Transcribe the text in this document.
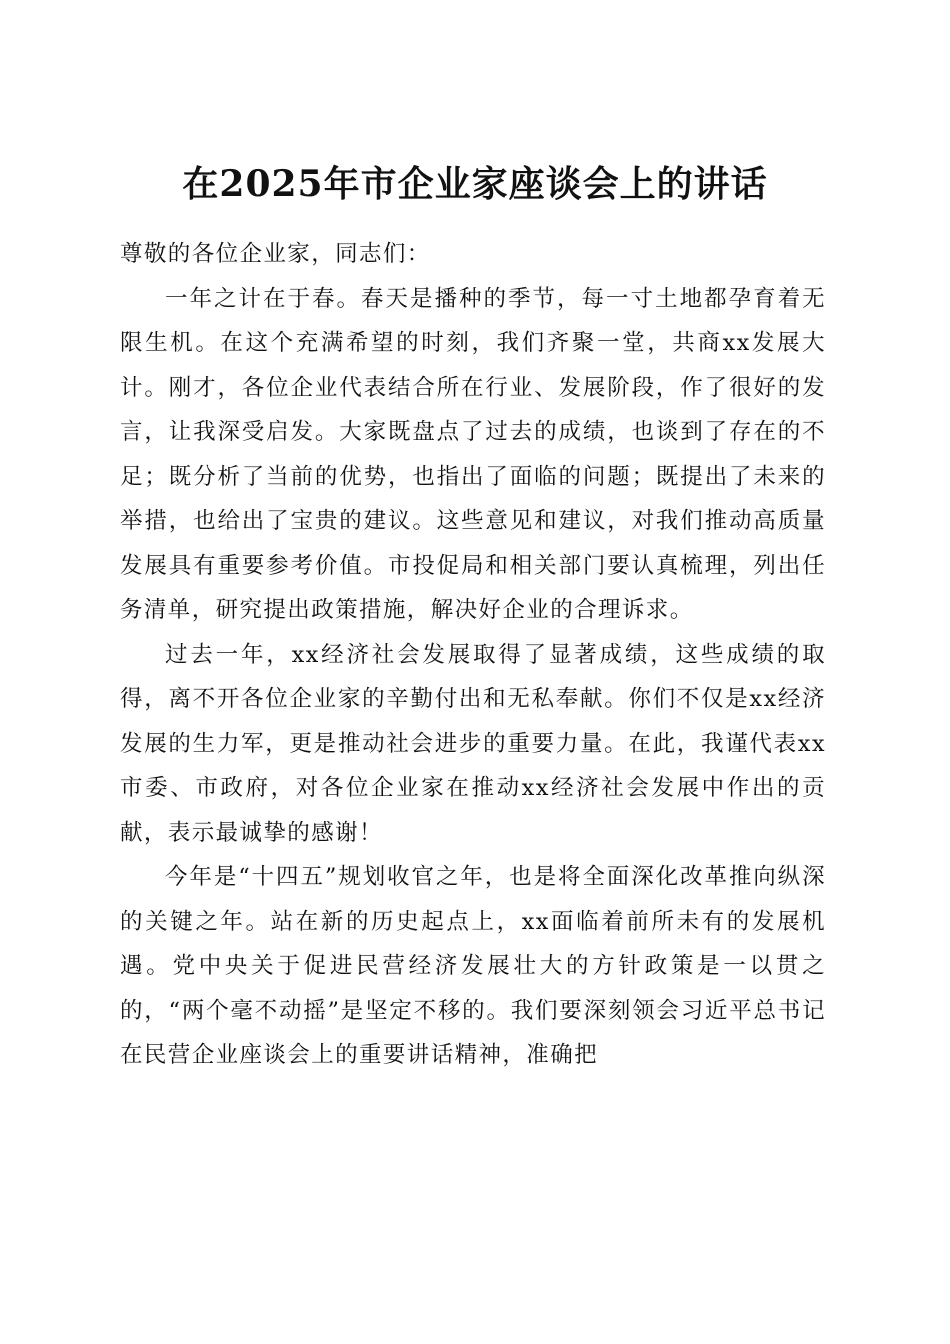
在2025年市企业家座谈会上的讲话

尊敬的各位企业家，同志们：

一年之计在于春。春天是播种的季节，每一寸土地都孕育着无限生机。在这个充满希望的时刻，我们齐聚一堂，共商xx发展大计。刚才，各位企业代表结合所在行业、发展阶段，作了很好的发言，让我深受启发。大家既盘点了过去的成绩，也谈到了存在的不足；既分析了当前的优势，也指出了面临的问题；既提出了未来的举措，也给出了宝贵的建议。这些意见和建议，对我们推动高质量发展具有重要参考价值。市投促局和相关部门要认真梳理，列出任务清单，研究提出政策措施，解决好企业的合理诉求。

过去一年，xx经济社会发展取得了显著成绩，这些成绩的取得，离不开各位企业家的辛勤付出和无私奉献。你们不仅是xx经济发展的生力军，更是推动社会进步的重要力量。在此，我谨代表xx市委、市政府，对各位企业家在推动xx经济社会发展中作出的贡献，表示最诚挚的感谢！

今年是“十四五”规划收官之年，也是将全面深化改革推向纵深的关键之年。站在新的历史起点上，xx面临着前所未有的发展机遇。党中央关于促进民营经济发展壮大的方针政策是一以贯之的，“两个毫不动摇”是坚定不移的。我们要深刻领会习近平总书记在民营企业座谈会上的重要讲话精神，准确把
